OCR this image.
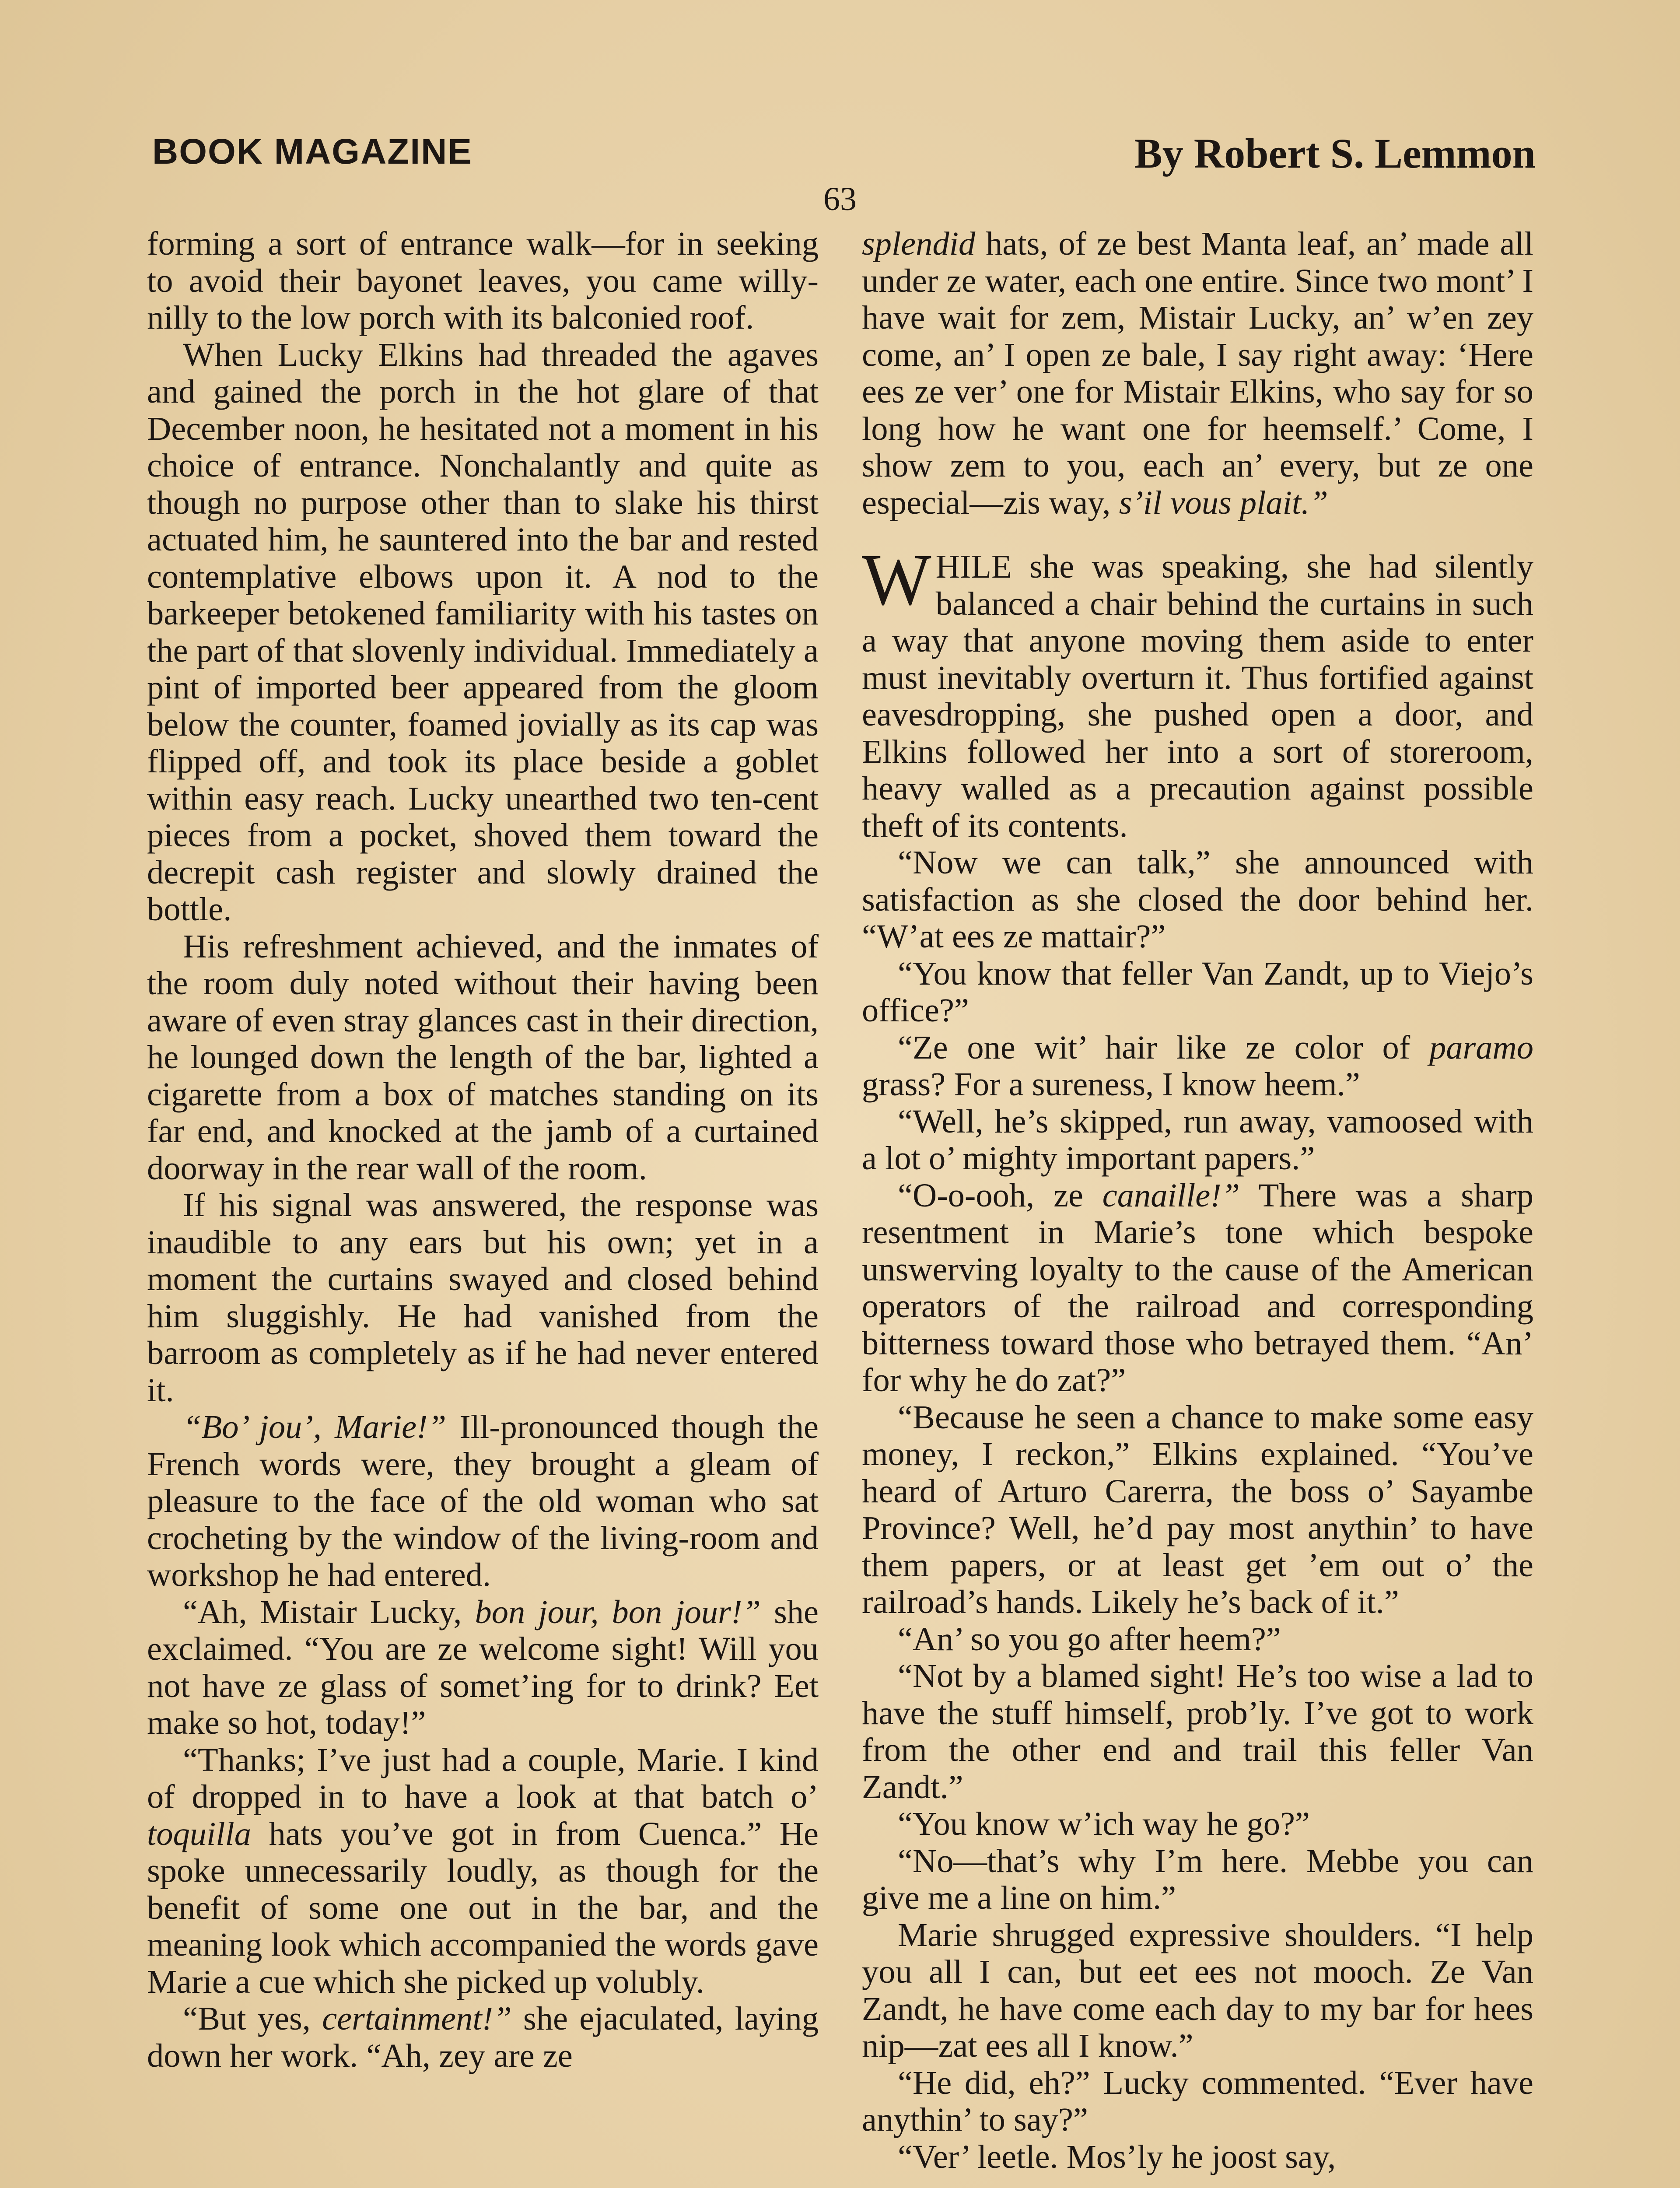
BOOK MAGAZINE	By Robert S. Lemmon
63

forming a sort of entrance walk—for in seeking to avoid their bayonet leaves, you came willy-nilly to the low porch with its balconied roof.

When Lucky Elkins had threaded the agaves and gained the porch in the hot glare of that December noon, he hesitated not a moment in his choice of entrance. Nonchalantly and quite as though no purpose other than to slake his thirst actuated him, he sauntered into the bar and rested contemplative elbows upon it. A nod to the barkeeper betokened familiarity with his tastes on the part of that slovenly individual. Immediately a pint of imported beer appeared from the gloom below the counter, foamed jovially as its cap was flipped off, and took its place beside a goblet within easy reach. Lucky unearthed two ten-cent pieces from a pocket, shoved them toward the decrepit cash register and slowly drained the bottle.

His refreshment achieved, and the inmates of the room duly noted without their having been aware of even stray glances cast in their direction, he lounged down the length of the bar, lighted a cigarette from a box of matches standing on its far end, and knocked at the jamb of a curtained doorway in the rear wall of the room.

If his signal was answered, the response was inaudible to any ears but his own; yet in a moment the curtains swayed and closed behind him sluggishly. He had vanished from the barroom as completely as if he had never entered it.

“Bo’ jou’, Marie!” Ill-pronounced though the French words were, they brought a gleam of pleasure to the face of the old woman who sat crocheting by the window of the living-room and workshop he had entered.

“Ah, Mistair Lucky, bon jour, bon jour!” she exclaimed. “You are ze welcome sight! Will you not have ze glass of somet’ing for to drink? Eet make so hot, today!”

“Thanks; I’ve just had a couple, Marie. I kind of dropped in to have a look at that batch o’ toquilla hats you’ve got in from Cuenca.” He spoke unnecessarily loudly, as though for the benefit of some one out in the bar, and the meaning look which accompanied the words gave Marie a cue which she picked up volubly.

“But yes, certainment!” she ejaculated, laying down her work. “Ah, zey are ze

splendid hats, of ze best Manta leaf, an’ made all under ze water, each one entire. Since two mont’ I have wait for zem, Mistair Lucky, an’ w’en zey come, an’ I open ze bale, I say right away: ‘Here ees ze ver’ one for Mistair Elkins, who say for so long how he want one for heemself.’ Come, I show zem to you, each an’ every, but ze one especial—zis way, s’il vous plait.”

WHILE she was speaking, she had silently balanced a chair behind the curtains in such a way that anyone moving them aside to enter must inevitably overturn it. Thus fortified against eavesdropping, she pushed open a door, and Elkins followed her into a sort of storeroom, heavy walled as a precaution against possible theft of its contents.

“Now we can talk,” she announced with satisfaction as she closed the door behind her. “W’at ees ze mattair?”

“You know that feller Van Zandt, up to Viejo’s office?”

“Ze one wit’ hair like ze color of paramo grass? For a sureness, I know heem.”

“Well, he’s skipped, run away, vamoosed with a lot o’ mighty important papers.”

“O-o-ooh, ze canaille!” There was a sharp resentment in Marie’s tone which bespoke unswerving loyalty to the cause of the American operators of the railroad and corresponding bitterness toward those who betrayed them. “An’ for why he do zat?”

“Because he seen a chance to make some easy money, I reckon,” Elkins explained. “You’ve heard of Arturo Carerra, the boss o’ Sayambe Province? Well, he’d pay most anythin’ to have them papers, or at least get ’em out o’ the railroad’s hands. Likely he’s back of it.”

“An’ so you go after heem?”

“Not by a blamed sight! He’s too wise a lad to have the stuff himself, prob’ly. I’ve got to work from the other end and trail this feller Van Zandt.”

“You know w’ich way he go?”

“No—that’s why I’m here. Mebbe you can give me a line on him.”

Marie shrugged expressive shoulders. “I help you all I can, but eet ees not mooch. Ze Van Zandt, he have come each day to my bar for hees nip—zat ees all I know.”

“He did, eh?” Lucky commented. “Ever have anythin’ to say?”

“Ver’ leetle. Mos’ly he joost say,
